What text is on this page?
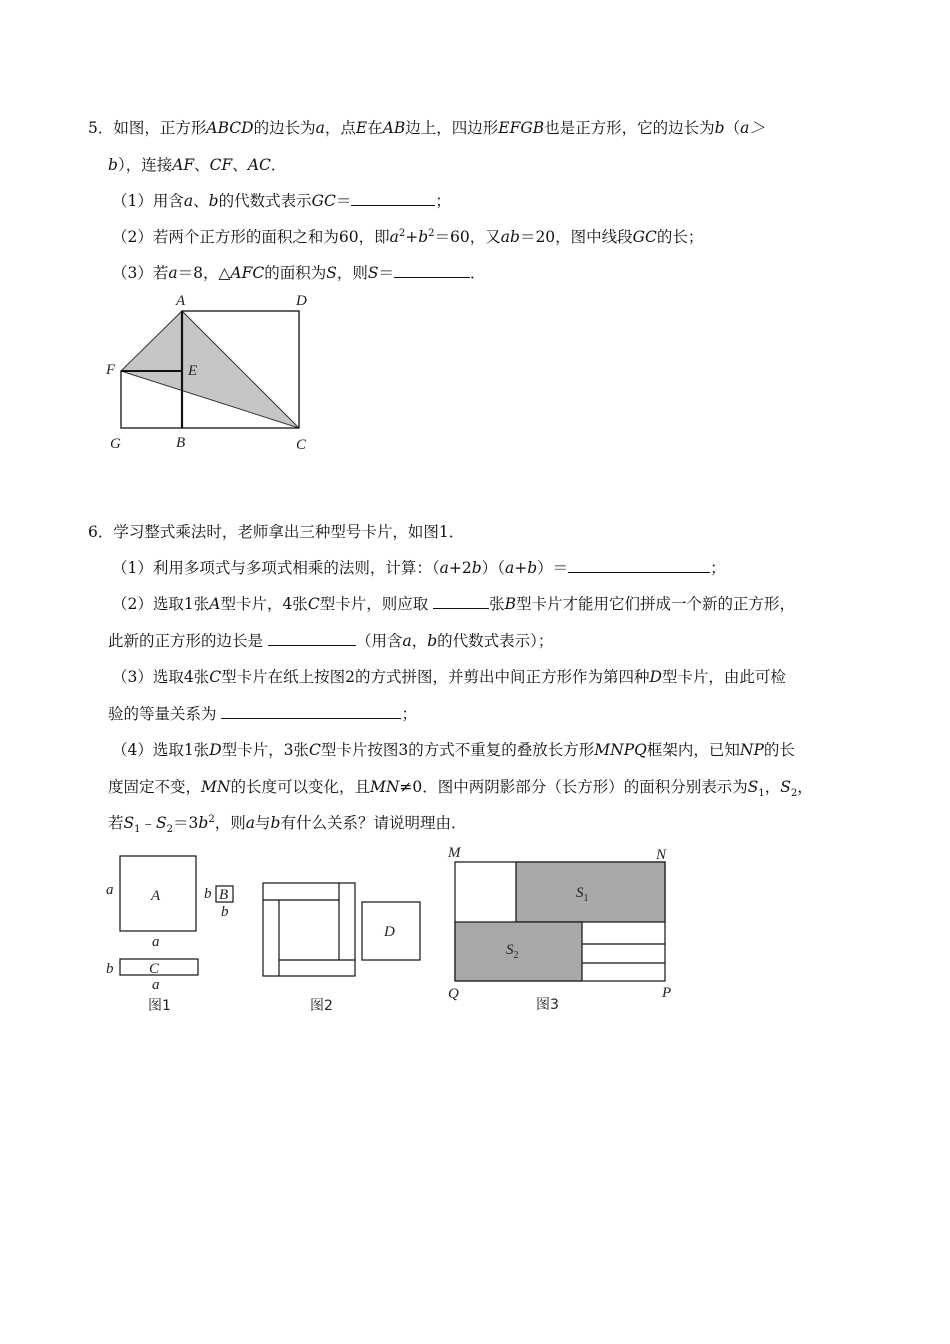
5．如图，正方形ABCD的边长为a，点E在AB边上，四边形EFGB也是正方形，它的边长为b（a＞
b），连接AF、CF、AC．
（1）用含a、b的代数式表示GC＝	；
（2）若两个正方形的面积之和为60，即$a^2+b^2=60$，又ab＝20，图中线段GC的长；
（3）若a＝8，△AFC的面积为S，则S＝	．
A	D
F	E
G	B	C
6．学习整式乘法时，老师拿出三种型号卡片，如图1．
（1）利用多项式与多项式相乘的法则，计算：（a+2b）（a+b）＝	；
（2）选取1张A型卡片，4张C型卡片，则应取	张B型卡片才能用它们拼成一个新的正方形，
此新的正方形的边长是	（用含a，b的代数式表示）；
（3）选取4张C型卡片在纸上按图2的方式拼图，并剪出中间正方形作为第四种D型卡片，由此可检
验的等量关系为	；
（4）选取1张D型卡片，3张C型卡片按图3的方式不重复的叠放长方形MNPQ框架内，已知NP的长
度固定不变，MN的长度可以变化，且MN≠0．图中两阴影部分（长方形）的面积分别表示为$S_1$，$S_2$，
若$S_1﹣S_2=3b^2$，则a与b有什么关系？请说明理由．
a	A
a
b B
b
b C
a
图1
D
图2
M	N
Q	P
$S_1$
$S_2$
图3
